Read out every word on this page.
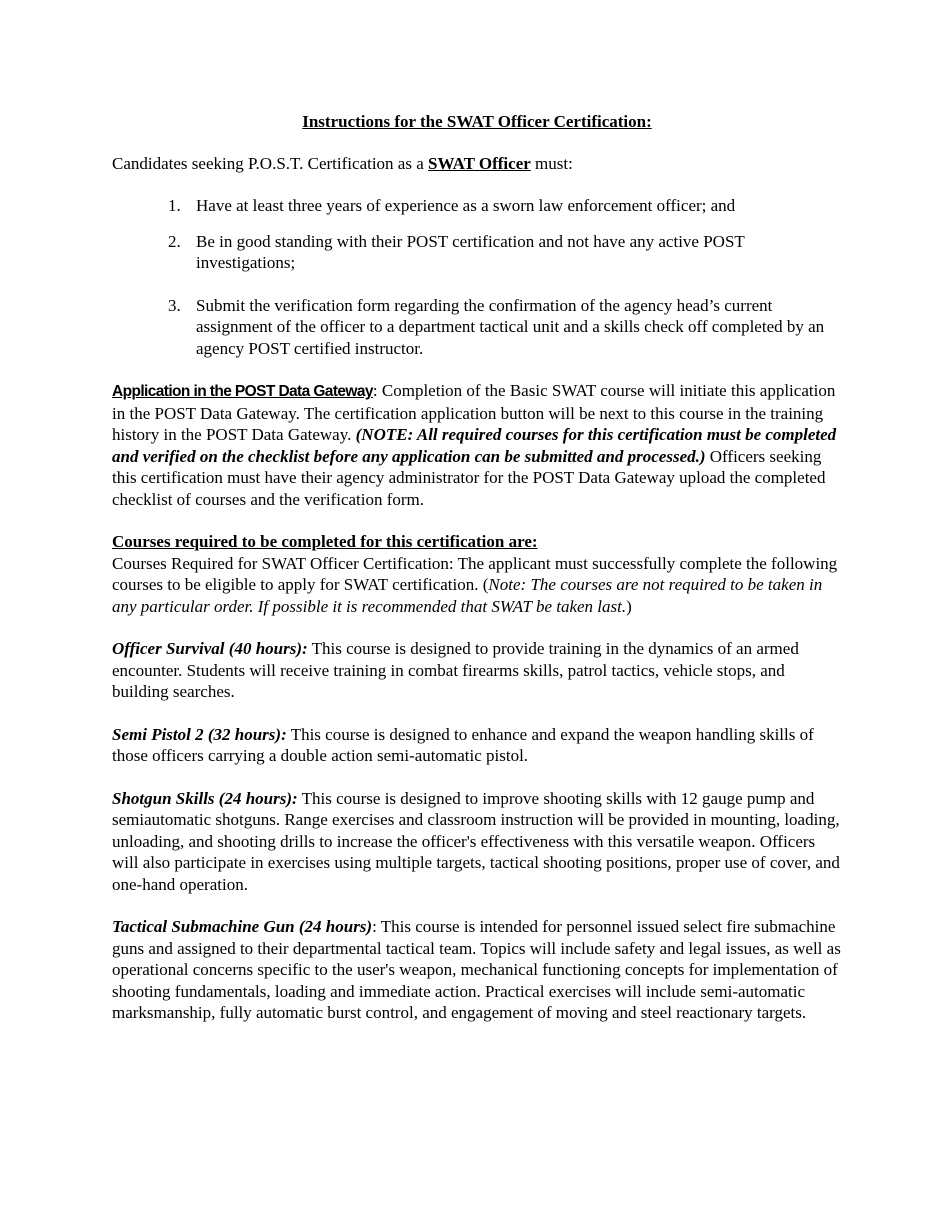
Instructions for the SWAT Officer Certification:

Candidates seeking P.O.S.T. Certification as a SWAT Officer must:

1. Have at least three years of experience as a sworn law enforcement officer; and
2. Be in good standing with their POST certification and not have any active POST investigations;
3. Submit the verification form regarding the confirmation of the agency head’s current assignment of the officer to a department tactical unit and a skills check off completed by an agency POST certified instructor.

Application in the POST Data Gateway: Completion of the Basic SWAT course will initiate this application in the POST Data Gateway. The certification application button will be next to this course in the training history in the POST Data Gateway. (NOTE: All required courses for this certification must be completed and verified on the checklist before any application can be submitted and processed.) Officers seeking this certification must have their agency administrator for the POST Data Gateway upload the completed checklist of courses and the verification form.

Courses required to be completed for this certification are:

Courses Required for SWAT Officer Certification: The applicant must successfully complete the following courses to be eligible to apply for SWAT certification. (Note: The courses are not required to be taken in any particular order. If possible it is recommended that SWAT be taken last.)

Officer Survival (40 hours): This course is designed to provide training in the dynamics of an armed encounter. Students will receive training in combat firearms skills, patrol tactics, vehicle stops, and building searches.

Semi Pistol 2 (32 hours): This course is designed to enhance and expand the weapon handling skills of those officers carrying a double action semi-automatic pistol.

Shotgun Skills (24 hours): This course is designed to improve shooting skills with 12 gauge pump and semiautomatic shotguns. Range exercises and classroom instruction will be provided in mounting, loading, unloading, and shooting drills to increase the officer's effectiveness with this versatile weapon. Officers will also participate in exercises using multiple targets, tactical shooting positions, proper use of cover, and one-hand operation.

Tactical Submachine Gun (24 hours): This course is intended for personnel issued select fire submachine guns and assigned to their departmental tactical team. Topics will include safety and legal issues, as well as operational concerns specific to the user's weapon, mechanical functioning concepts for implementation of shooting fundamentals, loading and immediate action. Practical exercises will include semi-automatic marksmanship, fully automatic burst control, and engagement of moving and steel reactionary targets.
